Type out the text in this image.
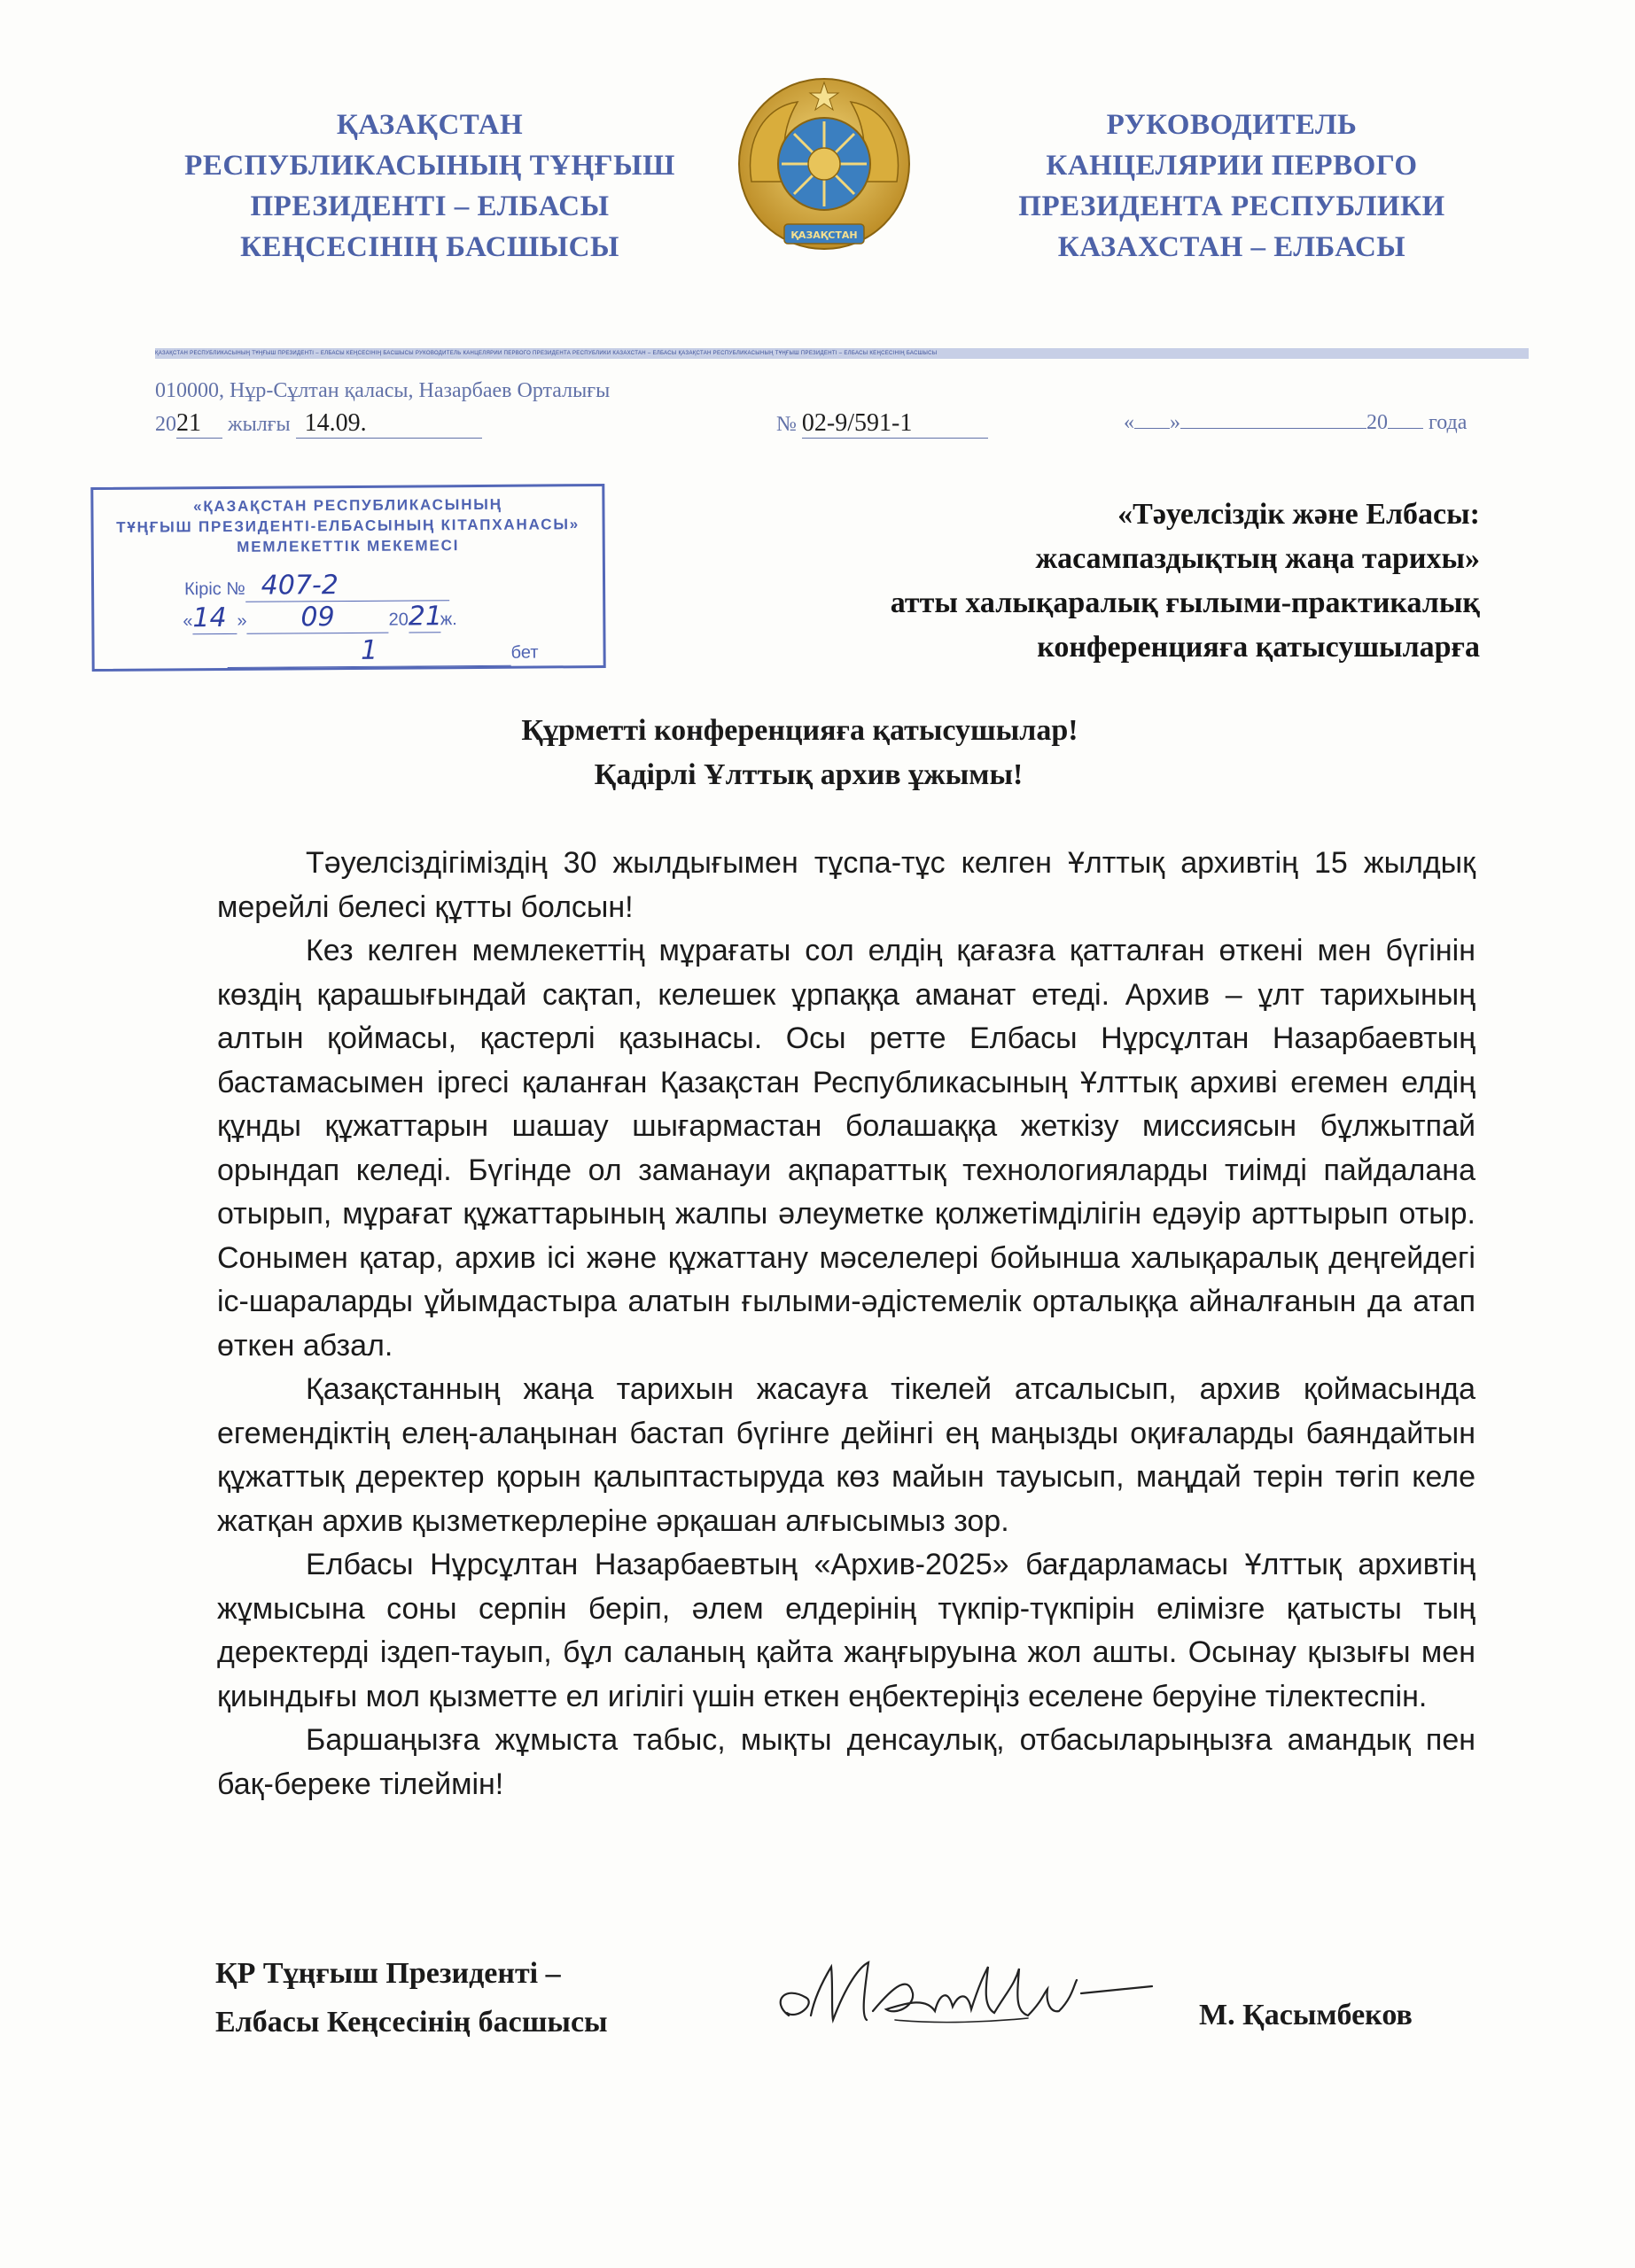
ҚАЗАҚСТАН
РЕСПУБЛИКАСЫНЫҢ ТҰҢҒЫШ
ПРЕЗИДЕНТІ – ЕЛБАСЫ
КЕҢСЕСІНІҢ БАСШЫСЫ	ҚАЗАҚСТАН
РУКОВОДИТЕЛЬ
КАНЦЕЛЯРИИ ПЕРВОГО
ПРЕЗИДЕНТА РЕСПУБЛИКИ
КАЗАХСТАН – ЕЛБАСЫ
ҚАЗАҚСТАН РЕСПУБЛИКАСЫНЫҢ ТҰҢҒЫШ ПРЕЗИДЕНТІ – ЕЛБАСЫ КЕҢСЕСІНІҢ БАСШЫСЫ РУКОВОДИТЕЛЬ КАНЦЕЛЯРИИ ПЕРВОГО ПРЕЗИДЕНТА РЕСПУБЛИКИ КАЗАХСТАН – ЕЛБАСЫ ҚАЗАҚСТАН РЕСПУБЛИКАСЫНЫҢ ТҰҢҒЫШ ПРЕЗИДЕНТІ – ЕЛБАСЫ КЕҢСЕСІНІҢ БАСШЫСЫ
010000, Нұр-Сұлтан қаласы, Назарбаев Орталығы
2021 жылғы 14.09.	№ 02-9/591-1	« »	20 года
«ҚАЗАҚСТАН РЕСПУБЛИКАСЫНЫҢ
ТҰҢҒЫШ ПРЕЗИДЕНТІ-ЕЛБАСЫНЫҢ КІТАПХАНАСЫ»
МЕМЛЕКЕТТІК МЕКЕМЕСІ
Кіріс № 407-2
«14 » 09	2021ж.
1	бет
«Тәуелсіздік және Елбасы:
жасампаздықтың жаңа тарихы»
атты халықаралық ғылыми-практикалық
конференцияға қатысушыларға
Құрметті конференцияға қатысушылар!
Қадірлі Ұлттық архив ұжымы!

Тәуелсіздігіміздің 30 жылдығымен тұспа-тұс келген Ұлттық архивтің 15 жылдық мерейлі белесі құтты болсын!

Кез келген мемлекеттің мұрағаты сол елдің қағазға қатталған өткені мен бүгінін көздің қарашығындай сақтап, келешек ұрпаққа аманат етеді. Архив – ұлт тарихының алтын қоймасы, қастерлі қазынасы. Осы ретте Елбасы Нұрсұлтан Назарбаевтың бастамасымен іргесі қаланған Қазақстан Республикасының Ұлттық архиві егемен елдің құнды құжаттарын шашау шығармастан болашаққа жеткізу миссиясын бұлжытпай орындап келеді. Бүгінде ол заманауи ақпараттық технологияларды тиімді пайдалана отырып, мұрағат құжаттарының жалпы әлеуметке қолжетімділігін едәуір арттырып отыр. Сонымен қатар, архив ісі және құжаттану мәселелері бойынша халықаралық деңгейдегі іс-шараларды ұйымдастыра алатын ғылыми-әдістемелік орталыққа айналғанын да атап өткен абзал.

Қазақстанның жаңа тарихын жасауға тікелей атсалысып, архив қоймасында егемендіктің елең-алаңынан бастап бүгінге дейінгі ең маңызды оқиғаларды баяндайтын құжаттық деректер қорын қалыптастыруда көз майын тауысып, маңдай терін төгіп келе жатқан архив қызметкерлеріне әрқашан алғысымыз зор.

Елбасы Нұрсұлтан Назарбаевтың «Архив-2025» бағдарламасы Ұлттық архивтің жұмысына соны серпін беріп, әлем елдерінің түкпір-түкпірін елімізге қатысты тың деректерді іздеп-тауып, бұл саланың қайта жаңғыруына жол ашты. Осынау қызығы мен қиындығы мол қызметте ел игілігі үшін еткен еңбектеріңіз еселене беруіне тілектеспін.

Баршаңызға жұмыста табыс, мықты денсаулық, отбасыларыңызға амандық пен бақ-береке тілеймін!

ҚР Тұңғыш Президенті –
Елбасы Кеңсесінің басшысы	М. Қасымбеков
